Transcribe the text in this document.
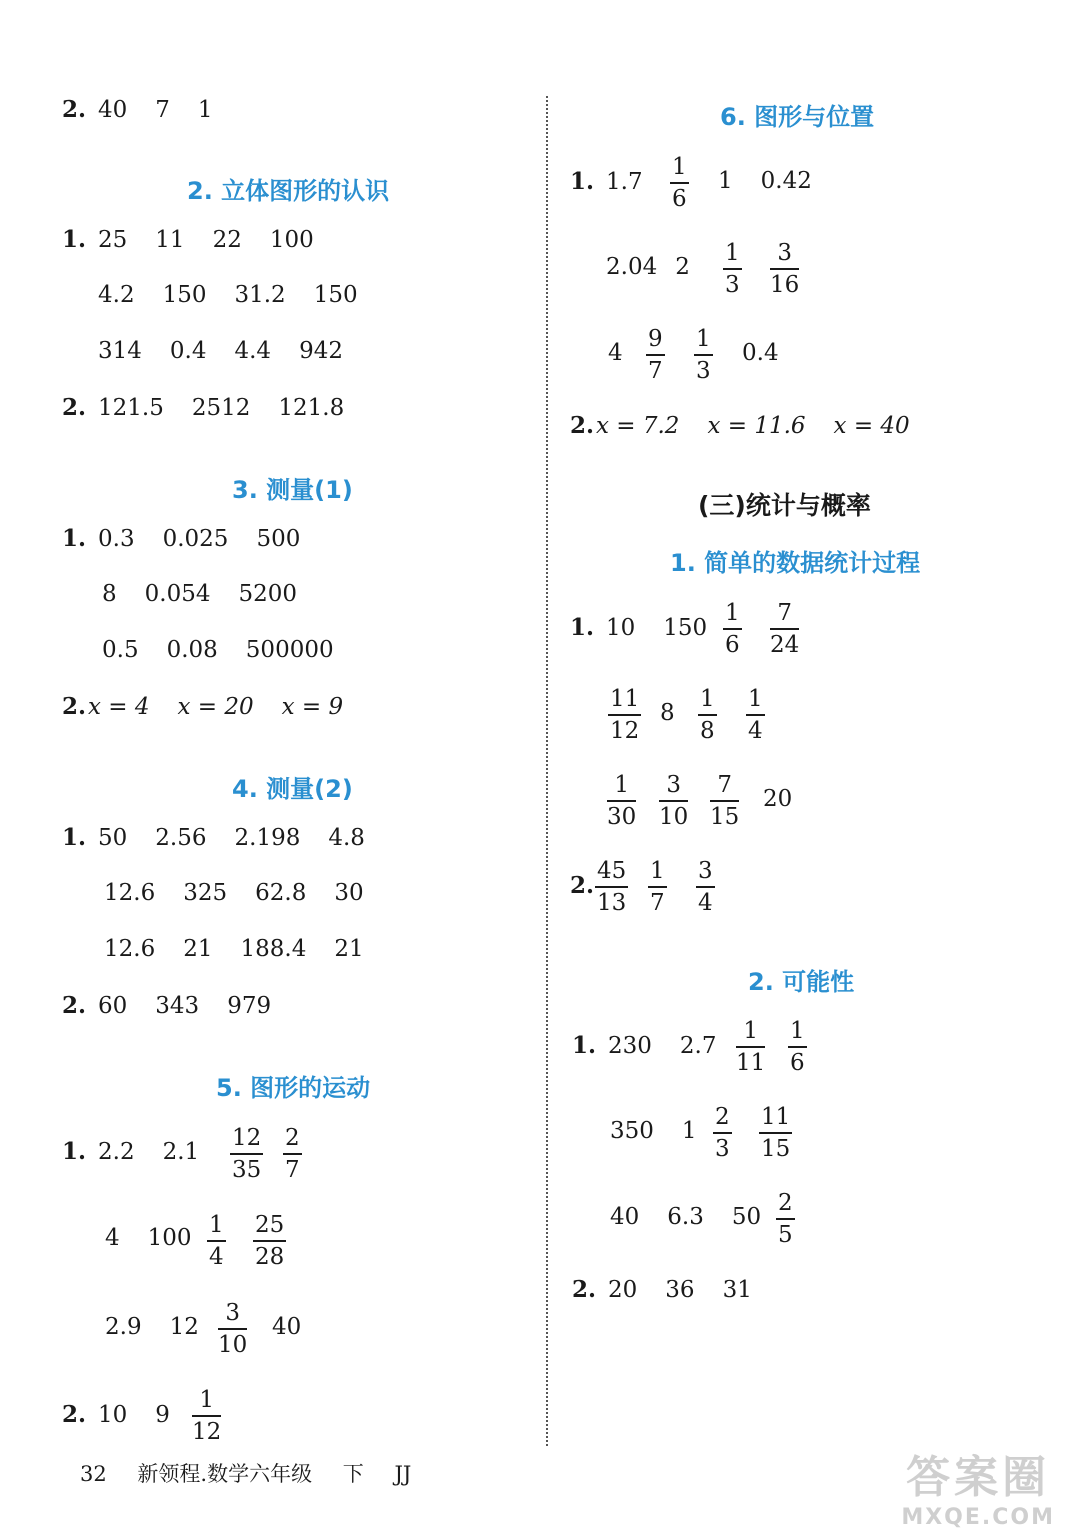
2. 40 7 1
2. 立体图形的认识
1. 25 11 22 100
4.2 150 31.2 150
314 0.4 4.4 942
2. 121.5 2512 121.8
3. 测量(1)
1. 0.3 0.025 500
8 0.054 5200
0.5 0.08 500000
2.x = 4 x = 20 x = 9
4. 测量(2)
1. 50 2.56 2.198 4.8
12.6 325 62.8 30
12.6 21 188.4 21
2. 60 343 979
5. 图形的运动
1. 2.2 $2.1 \frac{12}{35} \frac{2}{7}$
4 $100 \frac{1}{4} \frac{25}{28}$
2.9 $12 \frac{3}{10} 40$
2. 10 $9 \frac{1}{12}$
6. 图形与位置
1. $1.7 \frac{1}{6} 1$ 0.42
2.04 $2 \frac{1}{3} \frac{3}{16}$
$4 \frac{9}{7} \frac{1}{3} 0.4$
2.x = 7.2 x = 11.6 x = 40
(三)统计与概率
1. 简单的数据统计过程
1. 10 $150 \frac{1}{6} \frac{7}{24}$
$\frac{11}{12} 8 \frac{1}{8} \frac{1}{4}$
$\frac{1}{30} \frac{3}{10} \frac{7}{15} 20$
2. $\frac{45}{13} \frac{1}{7} \frac{3}{4}$
2. 可能性
1. 230 $2.7 \frac{1}{11} \frac{1}{6}$
350 $1 \frac{2}{3} \frac{11}{15}$
40 6.3 $50 \frac{2}{5}$
2. 20 36 31
32 新领程.数学六年级 下 JJ	答案圈
MXQE.COM
